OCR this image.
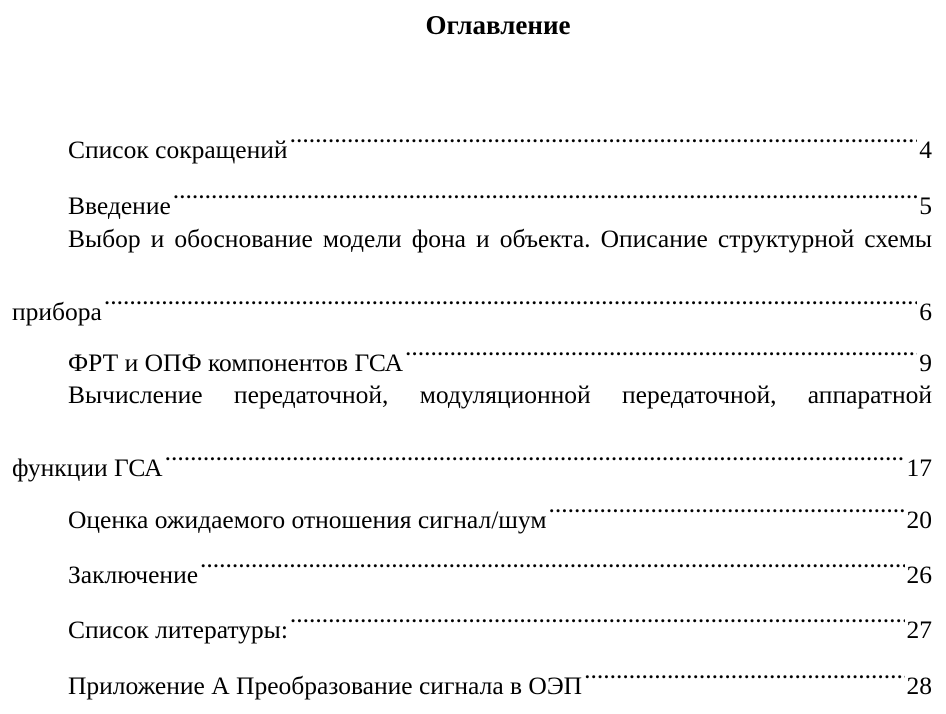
Оглавление
Список сокращений .....	4
Введение .....	5
Выбор и обоснование модели фона и объекта. Описание структурной схемы
прибора .....	6
ФРТ и ОПФ компонентов ГСА .....	9
Вычисление передаточной, модуляционной передаточной, аппаратной
функции ГСА .....	17
Оценка ожидаемого отношения сигнал/шум .....	20
Заключение .....	26
Список литературы: .....	27
Приложение А Преобразование сигнала в ОЭП .....	28
